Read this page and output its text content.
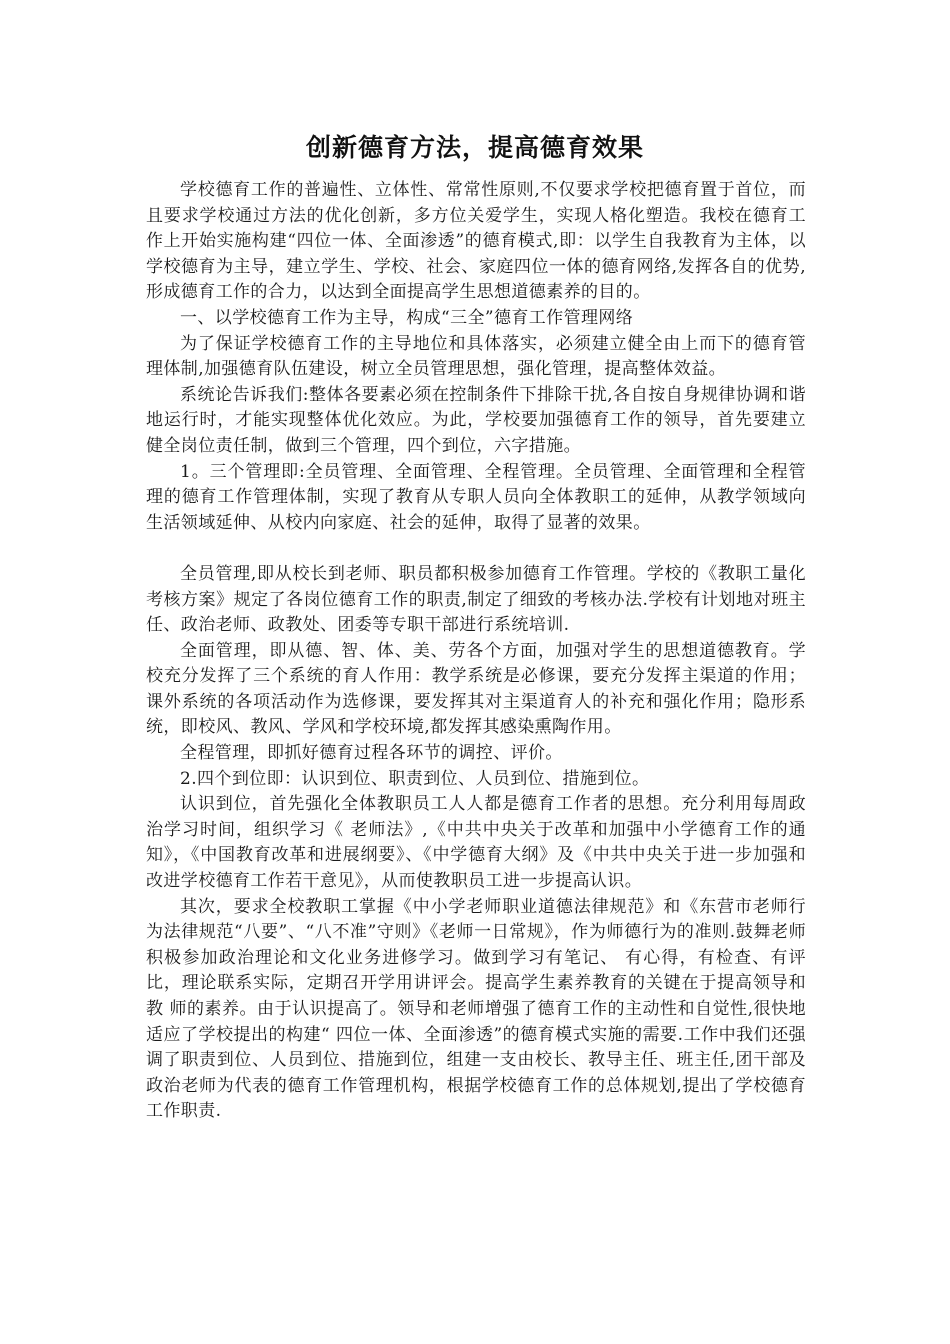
创新德育方法，提高德育效果

学校德育工作的普遍性、立体性、常常性原则,不仅要求学校把德育置于首位，而且要求学校通过方法的优化创新，多方位关爱学生，实现人格化塑造。我校在德育工作上开始实施构建“四位一体、全面渗透”的德育模式,即：以学生自我教育为主体，以学校德育为主导，建立学生、学校、社会、家庭四位一体的德育网络,发挥各自的优势,形成德育工作的合力，以达到全面提高学生思想道德素养的目的。

一、以学校德育工作为主导，构成“三全”德育工作管理网络

为了保证学校德育工作的主导地位和具体落实，必须建立健全由上而下的德育管理体制,加强德育队伍建设，树立全员管理思想，强化管理，提高整体效益。

系统论告诉我们:整体各要素必须在控制条件下排除干扰,各自按自身规律协调和谐地运行时，才能实现整体优化效应。为此，学校要加强德育工作的领导，首先要建立健全岗位责任制，做到三个管理，四个到位，六字措施。

1。三个管理即:全员管理、全面管理、全程管理。全员管理、全面管理和全程管理的德育工作管理体制，实现了教育从专职人员向全体教职工的延伸，从教学领域向生活领域延伸、从校内向家庭、社会的延伸，取得了显著的效果。

全员管理,即从校长到老师、职员都积极参加德育工作管理。学校的《教职工量化考核方案》规定了各岗位德育工作的职责,制定了细致的考核办法.学校有计划地对班主任、政治老师、政教处、团委等专职干部进行系统培训.

全面管理，即从德、智、体、美、劳各个方面，加强对学生的思想道德教育。学校充分发挥了三个系统的育人作用：教学系统是必修课，要充分发挥主渠道的作用；课外系统的各项活动作为选修课，要发挥其对主渠道育人的补充和强化作用；隐形系统，即校风、教风、学风和学校环境,都发挥其感染熏陶作用。

全程管理，即抓好德育过程各环节的调控、评价。

2.四个到位即：认识到位、职责到位、人员到位、措施到位。

认识到位，首先强化全体教职员工人人都是德育工作者的思想。充分利用每周政治学习时间，组织学习《 老师法》,《中共中央关于改革和加强中小学德育工作的通知》，《中国教育改革和进展纲要》、《中学德育大纲》及《中共中央关于进一步加强和改进学校德育工作若干意见》，从而使教职员工进一步提高认识。

其次，要求全校教职工掌握《中小学老师职业道德法律规范》和《东营市老师行为法律规范“八要”、“八不准”守则》《老师一日常规》，作为师德行为的准则.鼓舞老师积极参加政治理论和文化业务进修学习。做到学习有笔记、 有心得，有检查、有评比，理论联系实际，定期召开学用讲评会。提高学生素养教育的关键在于提高领导和教 师的素养。由于认识提高了。领导和老师增强了德育工作的主动性和自觉性,很快地适应了学校提出的构建“ 四位一体、全面渗透”的德育模式实施的需要.工作中我们还强调了职责到位、人员到位、措施到位，组建一支由校长、教导主任、班主任,团干部及政治老师为代表的德育工作管理机构，根据学校德育工作的总体规划,提出了学校德育工作职责.
